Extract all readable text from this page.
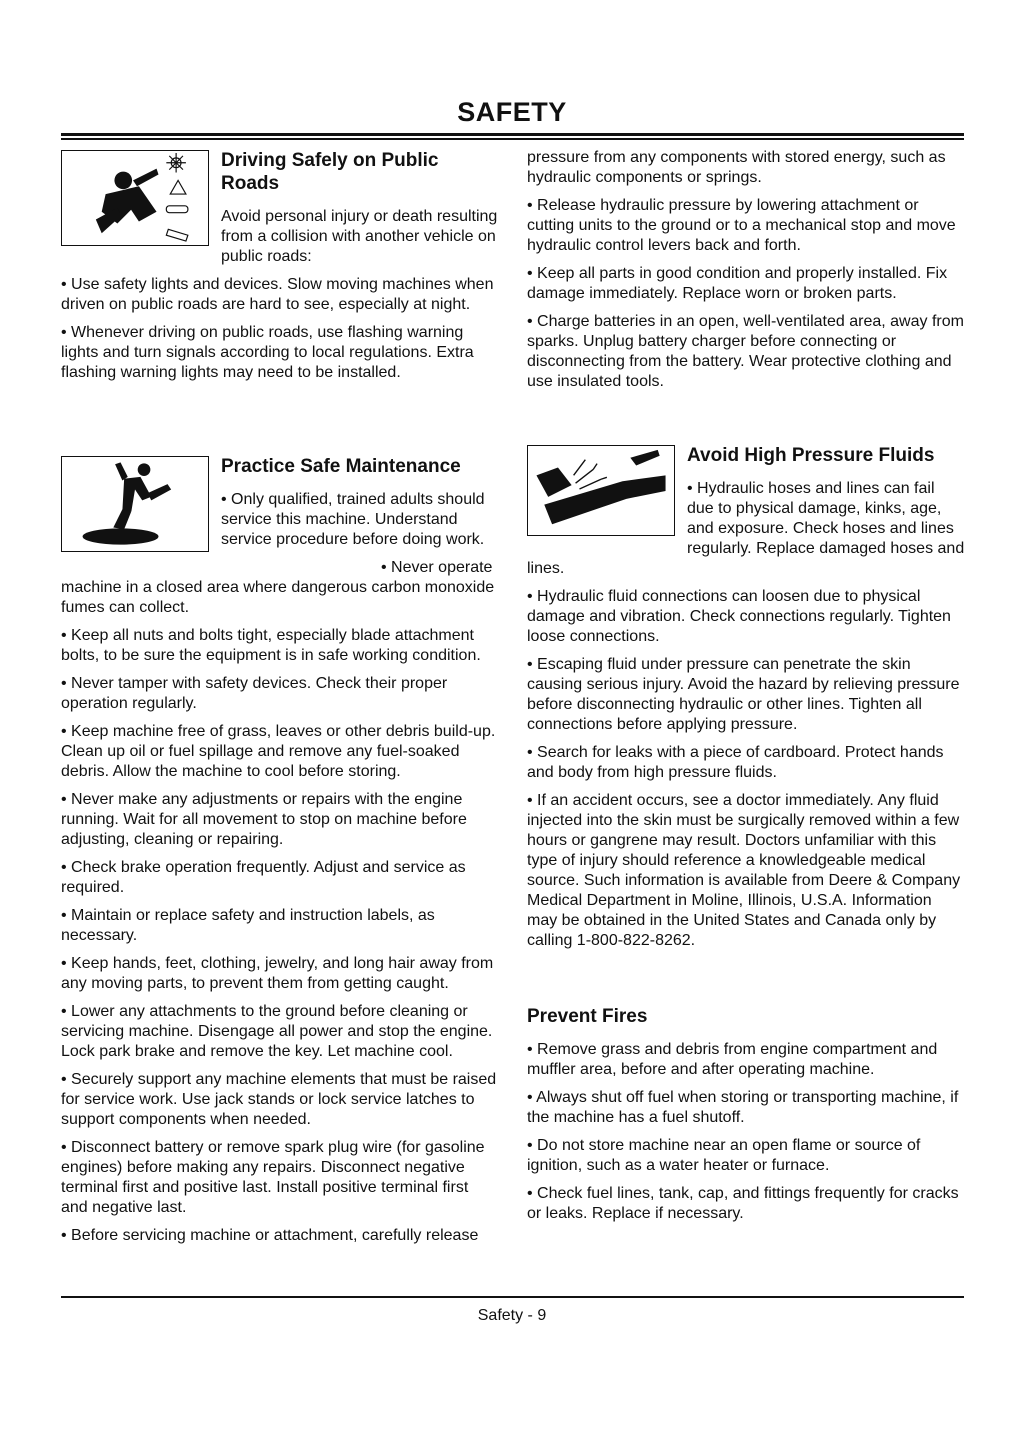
SAFETY
Driving Safely on Public Roads

Avoid personal injury or death resulting from a collision with another vehicle on public roads:

• Use safety lights and devices. Slow moving machines when driven on public roads are hard to see, especially at night.

• Whenever driving on public roads, use flashing warning lights and turn signals according to local regulations. Extra flashing warning lights may need to be installed.

Practice Safe Maintenance

• Only qualified, trained adults should service this machine. Understand service procedure before doing work.

• Never operate machine in a closed area where dangerous carbon monoxide fumes can collect.

• Keep all nuts and bolts tight, especially blade attachment bolts, to be sure the equipment is in safe working condition.

• Never tamper with safety devices. Check their proper operation regularly.

• Keep machine free of grass, leaves or other debris build-up. Clean up oil or fuel spillage and remove any fuel-soaked debris. Allow the machine to cool before storing.

• Never make any adjustments or repairs with the engine running. Wait for all movement to stop on machine before adjusting, cleaning or repairing.

• Check brake operation frequently. Adjust and service as required.

• Maintain or replace safety and instruction labels, as necessary.

• Keep hands, feet, clothing, jewelry, and long hair away from any moving parts, to prevent them from getting caught.

• Lower any attachments to the ground before cleaning or servicing machine. Disengage all power and stop the engine. Lock park brake and remove the key. Let machine cool.

• Securely support any machine elements that must be raised for service work. Use jack stands or lock service latches to support components when needed.

• Disconnect battery or remove spark plug wire (for gasoline engines) before making any repairs. Disconnect negative terminal first and positive last. Install positive terminal first and negative last.

• Before servicing machine or attachment, carefully release

pressure from any components with stored energy, such as hydraulic components or springs.

• Release hydraulic pressure by lowering attachment or cutting units to the ground or to a mechanical stop and move hydraulic control levers back and forth.

• Keep all parts in good condition and properly installed. Fix damage immediately. Replace worn or broken parts.

• Charge batteries in an open, well-ventilated area, away from sparks. Unplug battery charger before connecting or disconnecting from the battery. Wear protective clothing and use insulated tools.

Avoid High Pressure Fluids

• Hydraulic hoses and lines can fail due to physical damage, kinks, age, and exposure. Check hoses and lines regularly. Replace damaged hoses and lines.

• Hydraulic fluid connections can loosen due to physical damage and vibration. Check connections regularly. Tighten loose connections.

• Escaping fluid under pressure can penetrate the skin causing serious injury. Avoid the hazard by relieving pressure before disconnecting hydraulic or other lines. Tighten all connections before applying pressure.

• Search for leaks with a piece of cardboard. Protect hands and body from high pressure fluids.

• If an accident occurs, see a doctor immediately. Any fluid injected into the skin must be surgically removed within a few hours or gangrene may result. Doctors unfamiliar with this type of injury should reference a knowledgeable medical source. Such information is available from Deere & Company Medical Department in Moline, Illinois, U.S.A. Information may be obtained in the United States and Canada only by calling 1-800-822-8262.

Prevent Fires

• Remove grass and debris from engine compartment and muffler area, before and after operating machine.

• Always shut off fuel when storing or transporting machine, if the machine has a fuel shutoff.

• Do not store machine near an open flame or source of ignition, such as a water heater or furnace.

• Check fuel lines, tank, cap, and fittings frequently for cracks or leaks. Replace if necessary.

Safety - 9
